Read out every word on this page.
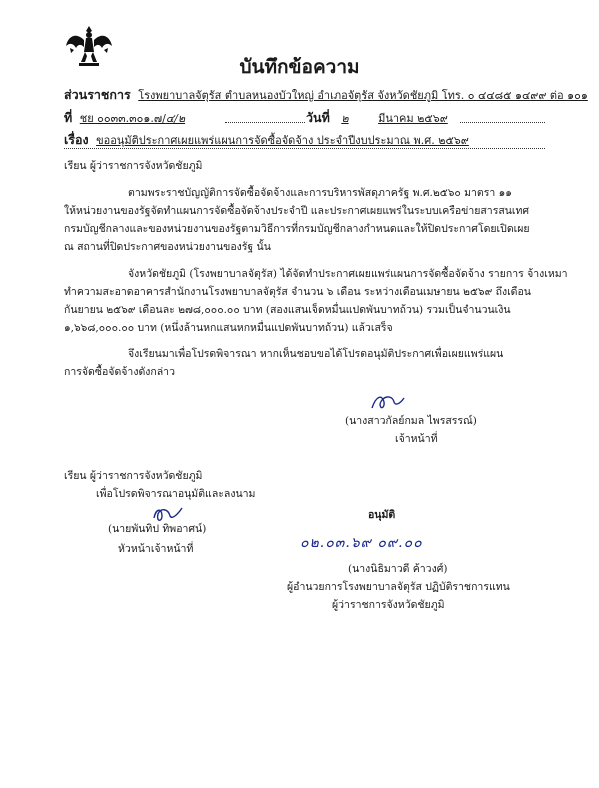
บันทึกข้อความ
ส่วนราชการ โรงพยาบาลจัตุรัส ตำบลหนองบัวใหญ่ อำเภอจัตุรัส จังหวัดชัยภูมิ โทร. ๐ ๔๔๘๕ ๑๔๙๙ ต่อ ๑๐๑
ที่ ชย ๐๐๓๓.๓๐๑.๗/๔/๒	วันที่ ๒	มีนาคม ๒๕๖๙
เรื่อง ขออนุมัติประกาศเผยแพร่แผนการจัดซื้อจัดจ้าง ประจำปีงบประมาณ พ.ศ. ๒๕๖๙
เรียน ผู้ว่าราชการจังหวัดชัยภูมิ
ตามพระราชบัญญัติการจัดซื้อจัดจ้างและการบริหารพัสดุภาครัฐ พ.ศ.๒๕๖๐ มาตรา ๑๑
ให้หน่วยงานของรัฐจัดทำแผนการจัดซื้อจัดจ้างประจำปี และประกาศเผยแพร่ในระบบเครือข่ายสารสนเทศ
กรมบัญชีกลางและของหน่วยงานของรัฐตามวิธีการที่กรมบัญชีกลางกำหนดและให้ปิดประกาศโดยเปิดเผย
ณ สถานที่ปิดประกาศของหน่วยงานของรัฐ นั้น
จังหวัดชัยภูมิ (โรงพยาบาลจัตุรัส) ได้จัดทำประกาศเผยแพร่แผนการจัดซื้อจัดจ้าง รายการ จ้างเหมา
ทำความสะอาดอาคารสำนักงานโรงพยาบาลจัตุรัส จำนวน ๖ เดือน ระหว่างเดือนเมษายน ๒๕๖๙ ถึงเดือน
กันยายน ๒๕๖๙ เดือนละ ๒๗๘,๐๐๐.๐๐ บาท (สองแสนเจ็ดหมื่นแปดพันบาทถ้วน) รวมเป็นจำนวนเงิน
๑,๖๖๘,๐๐๐.๐๐ บาท (หนึ่งล้านหกแสนหกหมื่นแปดพันบาทถ้วน) แล้วเสร็จ
จึงเรียนมาเพื่อโปรดพิจารณา หากเห็นชอบขอได้โปรดอนุมัติประกาศเพื่อเผยแพร่แผน
การจัดซื้อจัดจ้างดังกล่าว
(นางสาวกัลย์กมล ไพรสรรณ์)
เจ้าหน้าที่
เรียน ผู้ว่าราชการจังหวัดชัยภูมิ
เพื่อโปรดพิจารณาอนุมัติและลงนาม
(นายพันทิป ทิพอาศน์)
หัวหน้าเจ้าหน้าที่
อนุมัติ
๐๒.๐๓.๖๙ ๐๙.๐๐
(นางนิธิมาวดี ค้าวงศ์)
ผู้อำนวยการโรงพยาบาลจัตุรัส ปฏิบัติราชการแทน
ผู้ว่าราชการจังหวัดชัยภูมิ
